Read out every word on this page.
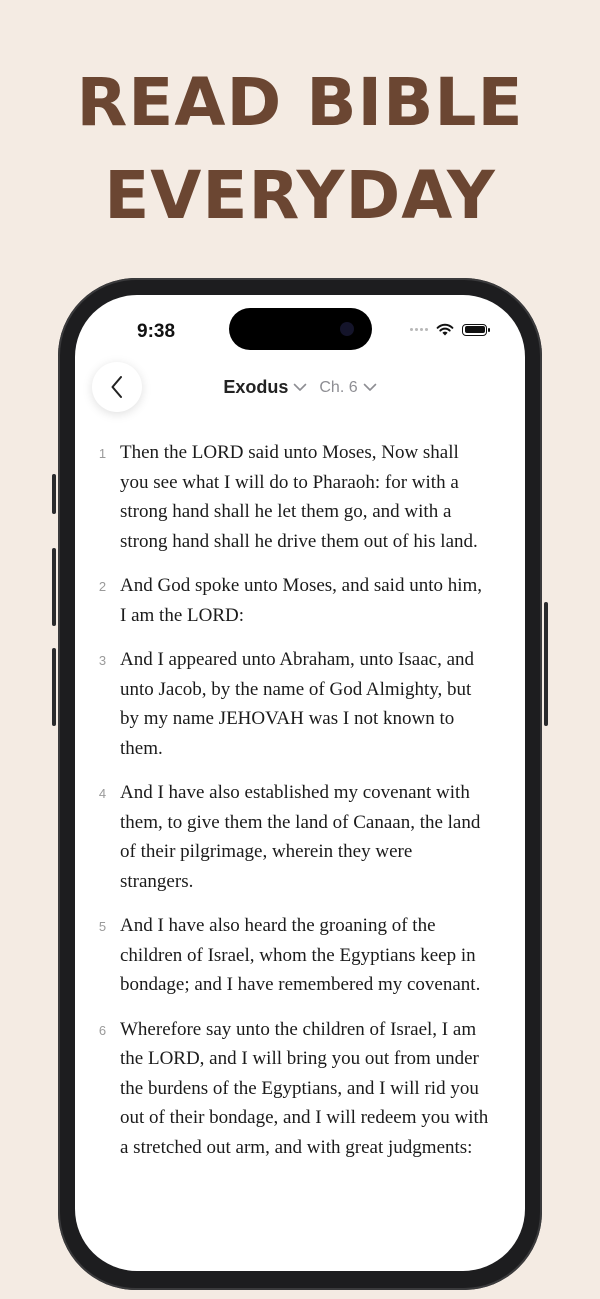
READ BIBLE
EVERYDAY
9:38
Exodus Ch. 6
1 Then the LORD said unto Moses, Now shall you see what I will do to Pharaoh: for with a strong hand shall he let them go, and with a strong hand shall he drive them out of his land.
2 And God spoke unto Moses, and said unto him, I am the LORD:
3 And I appeared unto Abraham, unto Isaac, and unto Jacob, by the name of God Almighty, but by my name JEHOVAH was I not known to them.
4 And I have also established my covenant with them, to give them the land of Canaan, the land of their pilgrimage, wherein they were strangers.
5 And I have also heard the groaning of the children of Israel, whom the Egyptians keep in bondage; and I have remembered my covenant.
6 Wherefore say unto the children of Israel, I am the LORD, and I will bring you out from under the burdens of the Egyptians, and I will rid you out of their bondage, and I will redeem you with a stretched out arm, and with great judgments:
